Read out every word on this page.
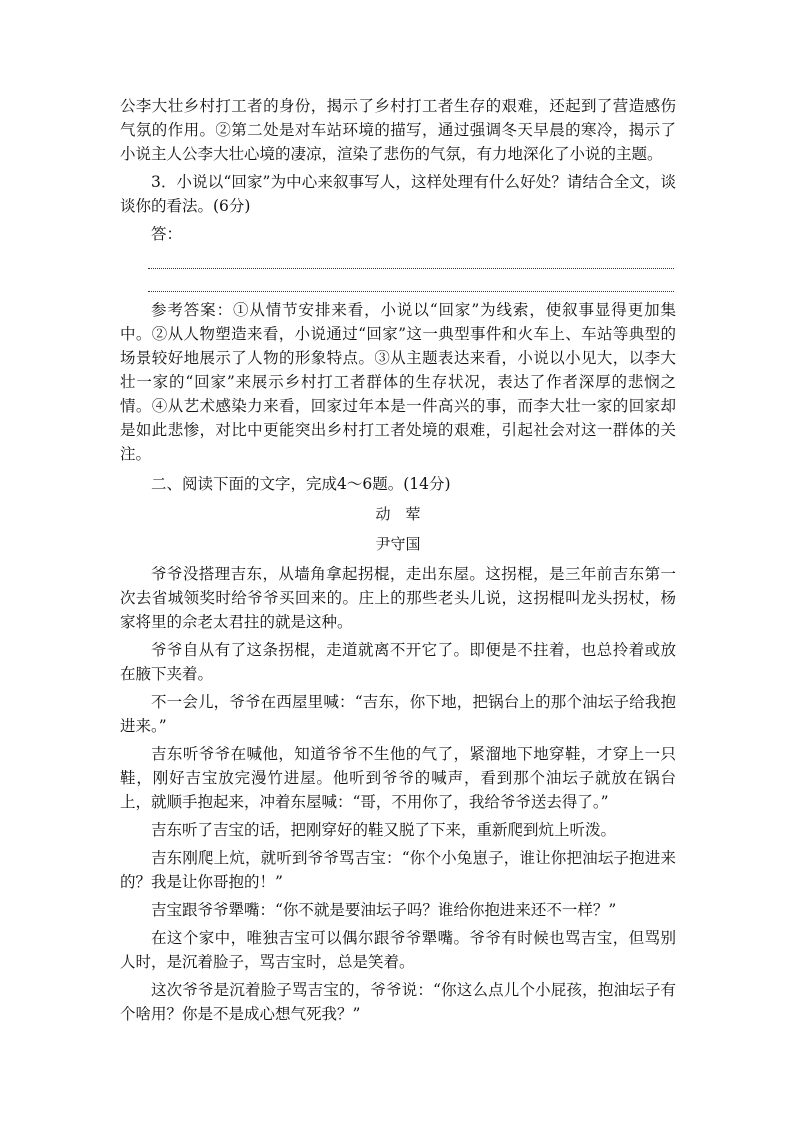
公李大壮乡村打工者的身份，揭示了乡村打工者生存的艰难，还起到了营造感伤气氛的作用。②第二处是对车站环境的描写，通过强调冬天早晨的寒冷，揭示了小说主人公李大壮心境的凄凉，渲染了悲伤的气氛，有力地深化了小说的主题。

3．小说以“回家”为中心来叙事写人，这样处理有什么好处？请结合全文，谈谈你的看法。(6分)

答：

参考答案：①从情节安排来看，小说以“回家”为线索，使叙事显得更加集中。②从人物塑造来看，小说通过“回家”这一典型事件和火车上、车站等典型的场景较好地展示了人物的形象特点。③从主题表达来看，小说以小见大，以李大壮一家的“回家”来展示乡村打工者群体的生存状况，表达了作者深厚的悲悯之情。④从艺术感染力来看，回家过年本是一件高兴的事，而李大壮一家的回家却是如此悲惨，对比中更能突出乡村打工者处境的艰难，引起社会对这一群体的关注。

二、阅读下面的文字，完成4～6题。(14分)

动　荤
尹守国

爷爷没搭理吉东，从墙角拿起拐棍，走出东屋。这拐棍，是三年前吉东第一次去省城领奖时给爷爷买回来的。庄上的那些老头儿说，这拐棍叫龙头拐杖，杨家将里的佘老太君拄的就是这种。

爷爷自从有了这条拐棍，走道就离不开它了。即便是不拄着，也总拎着或放在腋下夹着。

不一会儿，爷爷在西屋里喊：“吉东，你下地，把锅台上的那个油坛子给我抱进来。”

吉东听爷爷在喊他，知道爷爷不生他的气了，紧溜地下地穿鞋，才穿上一只鞋，刚好吉宝放完漫竹进屋。他听到爷爷的喊声，看到那个油坛子就放在锅台上，就顺手抱起来，冲着东屋喊：“哥，不用你了，我给爷爷送去得了。”

吉东听了吉宝的话，把刚穿好的鞋又脱了下来，重新爬到炕上听泼。

吉东刚爬上炕，就听到爷爷骂吉宝：“你个小兔崽子，谁让你把油坛子抱进来的？我是让你哥抱的！”

吉宝跟爷爷犟嘴：“你不就是要油坛子吗？谁给你抱进来还不一样？”

在这个家中，唯独吉宝可以偶尔跟爷爷犟嘴。爷爷有时候也骂吉宝，但骂别人时，是沉着脸子，骂吉宝时，总是笑着。

这次爷爷是沉着脸子骂吉宝的，爷爷说：“你这么点儿个小屁孩，抱油坛子有个啥用？你是不是成心想气死我？”
